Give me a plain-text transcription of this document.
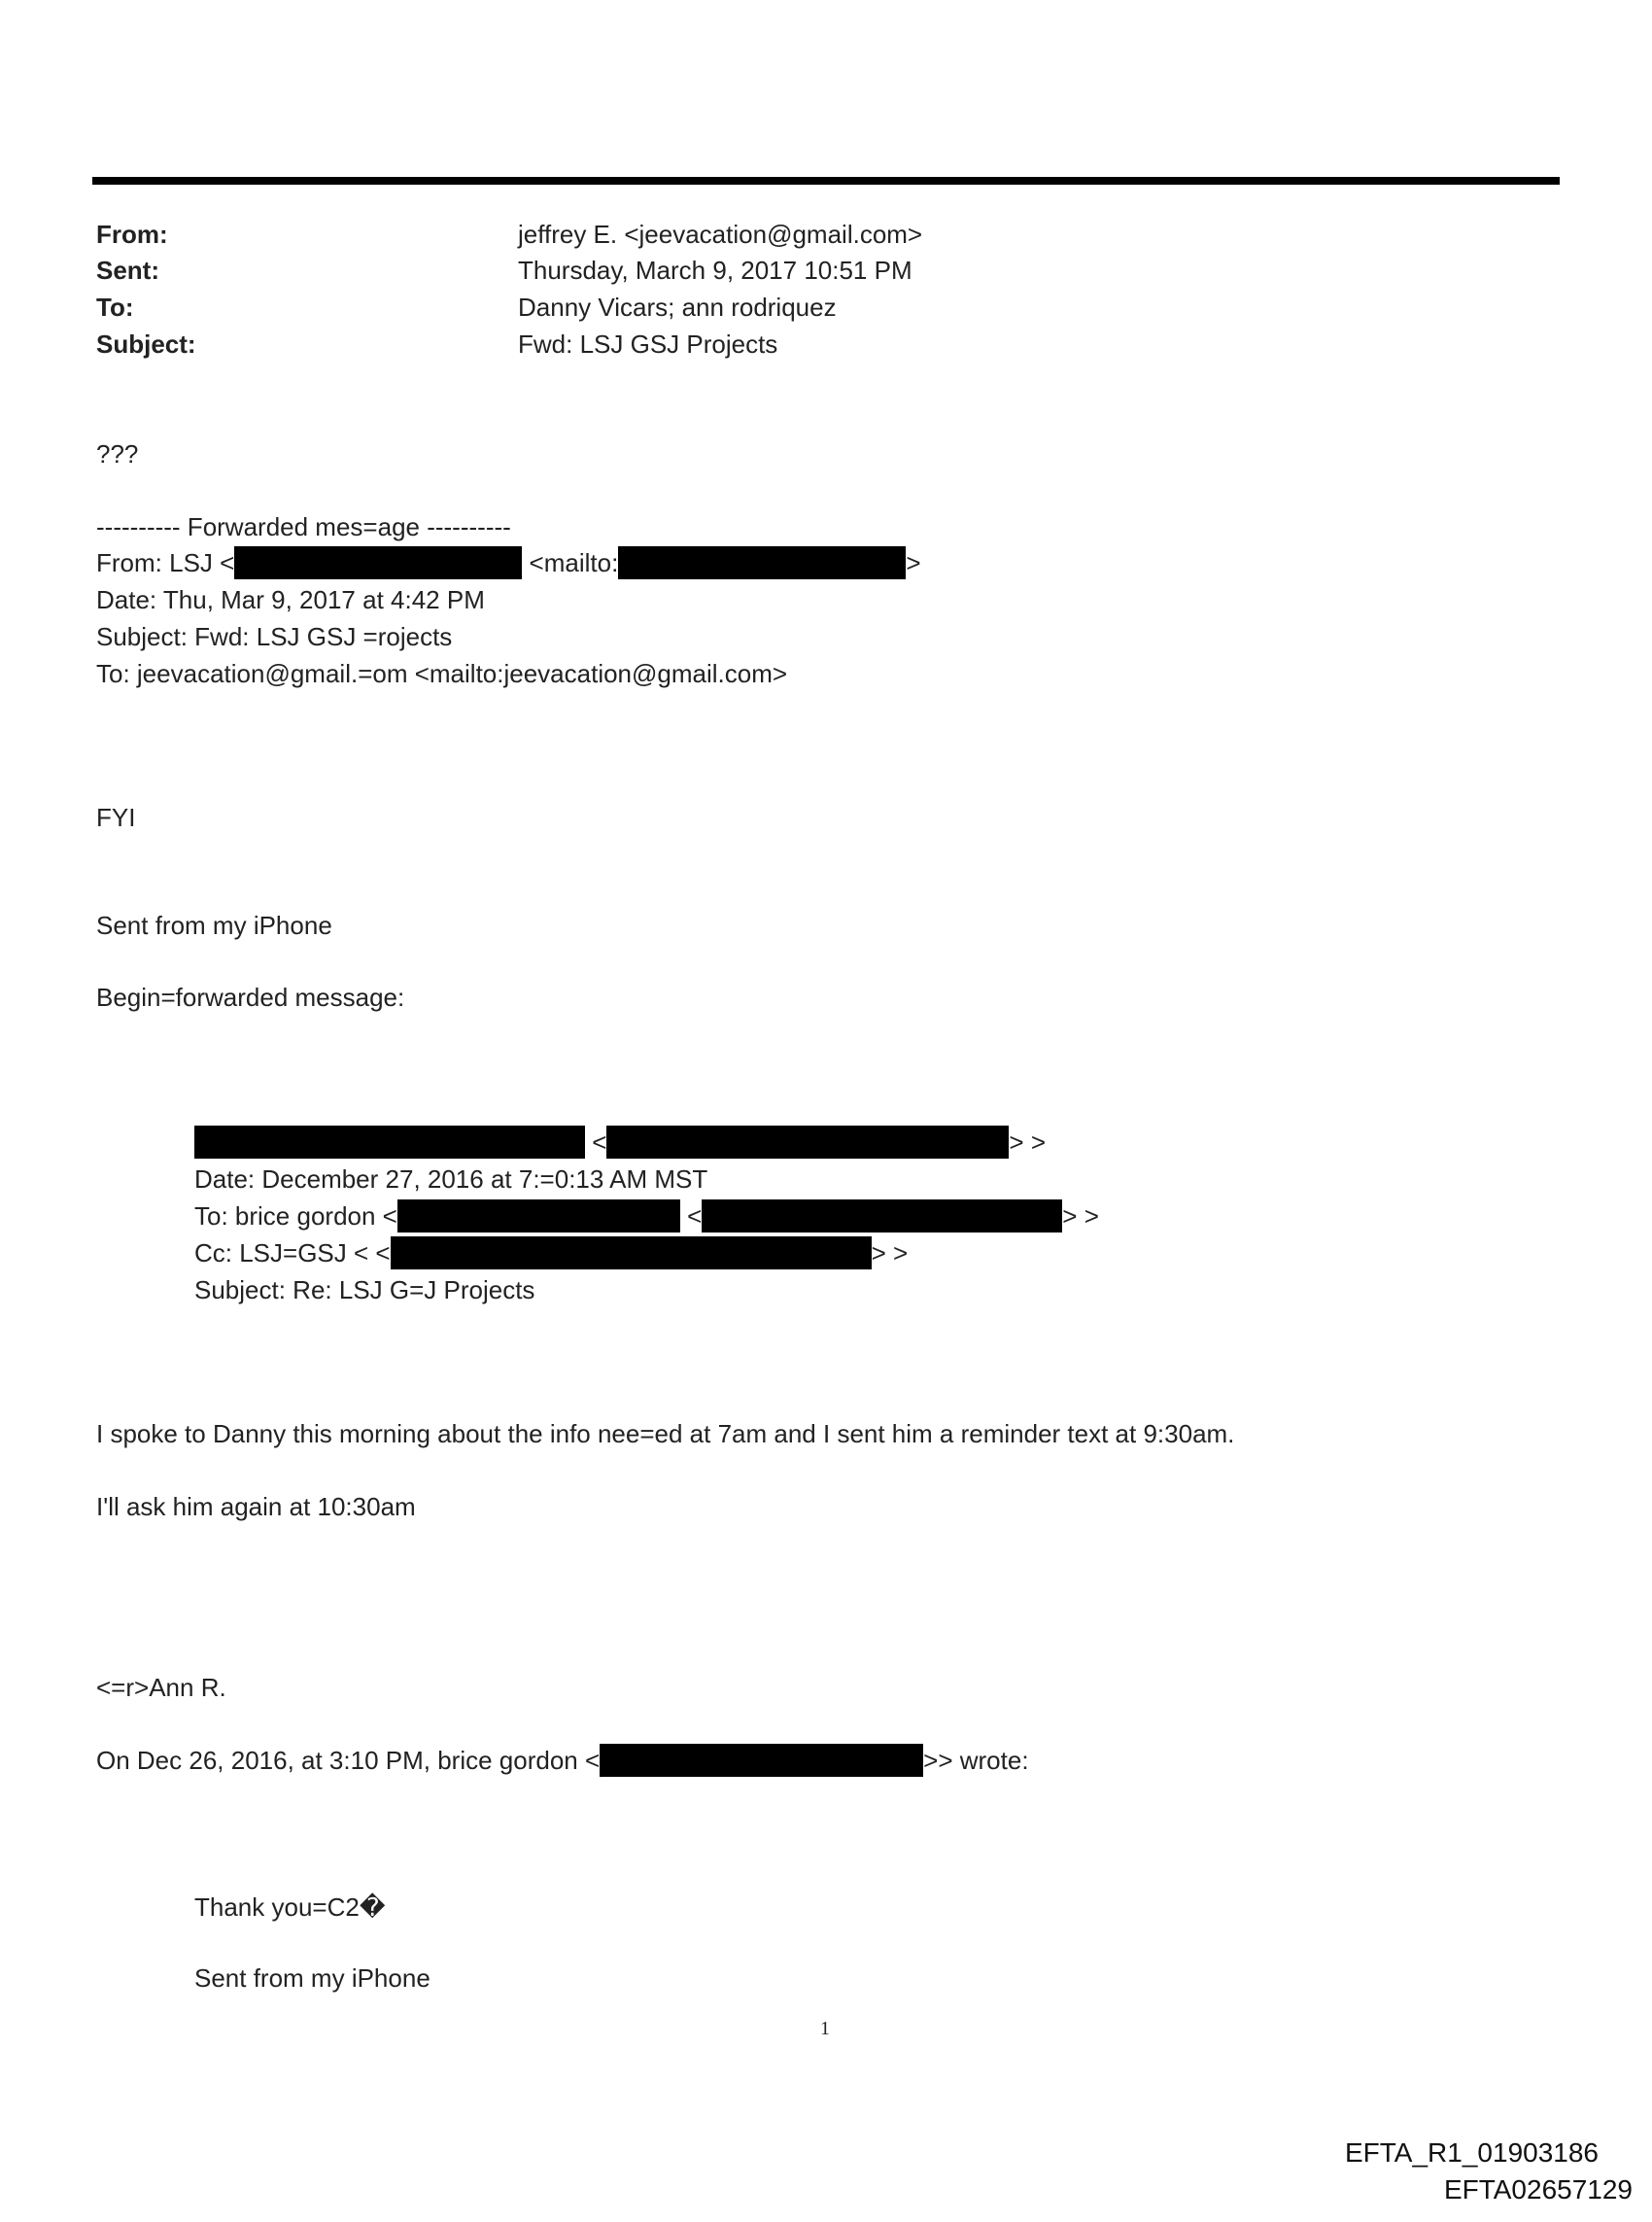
From:	jeffrey E. <jeevacation@gmail.com>
Sent:	Thursday, March 9, 2017 10:51 PM
To:	Danny Vicars; ann rodriquez
Subject:	Fwd: LSJ GSJ Projects
???
---------- Forwarded mes=age ----------
From: LSJ <	<mailto:	>
Date: Thu, Mar 9, 2017 at 4:42 PM
Subject: Fwd: LSJ GSJ =rojects
To: jeevacation@gmail.=om <mailto:jeevacation@gmail.com>
FYI
Sent from my iPhone
Begin=forwarded message:
<	> >
Date: December 27, 2016 at 7:=0:13 AM MST
To: brice gordon <	<	> >
Cc: LSJ=GSJ < <	> >
Subject: Re: LSJ G=J Projects
I spoke to Danny this morning about the info nee=ed at 7am and I sent him a reminder text at 9:30am.
I'll ask him again at 10:30am
<=r>Ann R.
On Dec 26, 2016, at 3:10 PM, brice gordon <	>> wrote:
Thank you=C2�
Sent from my iPhone
1
EFTA_R1_01903186
EFTA02657129
